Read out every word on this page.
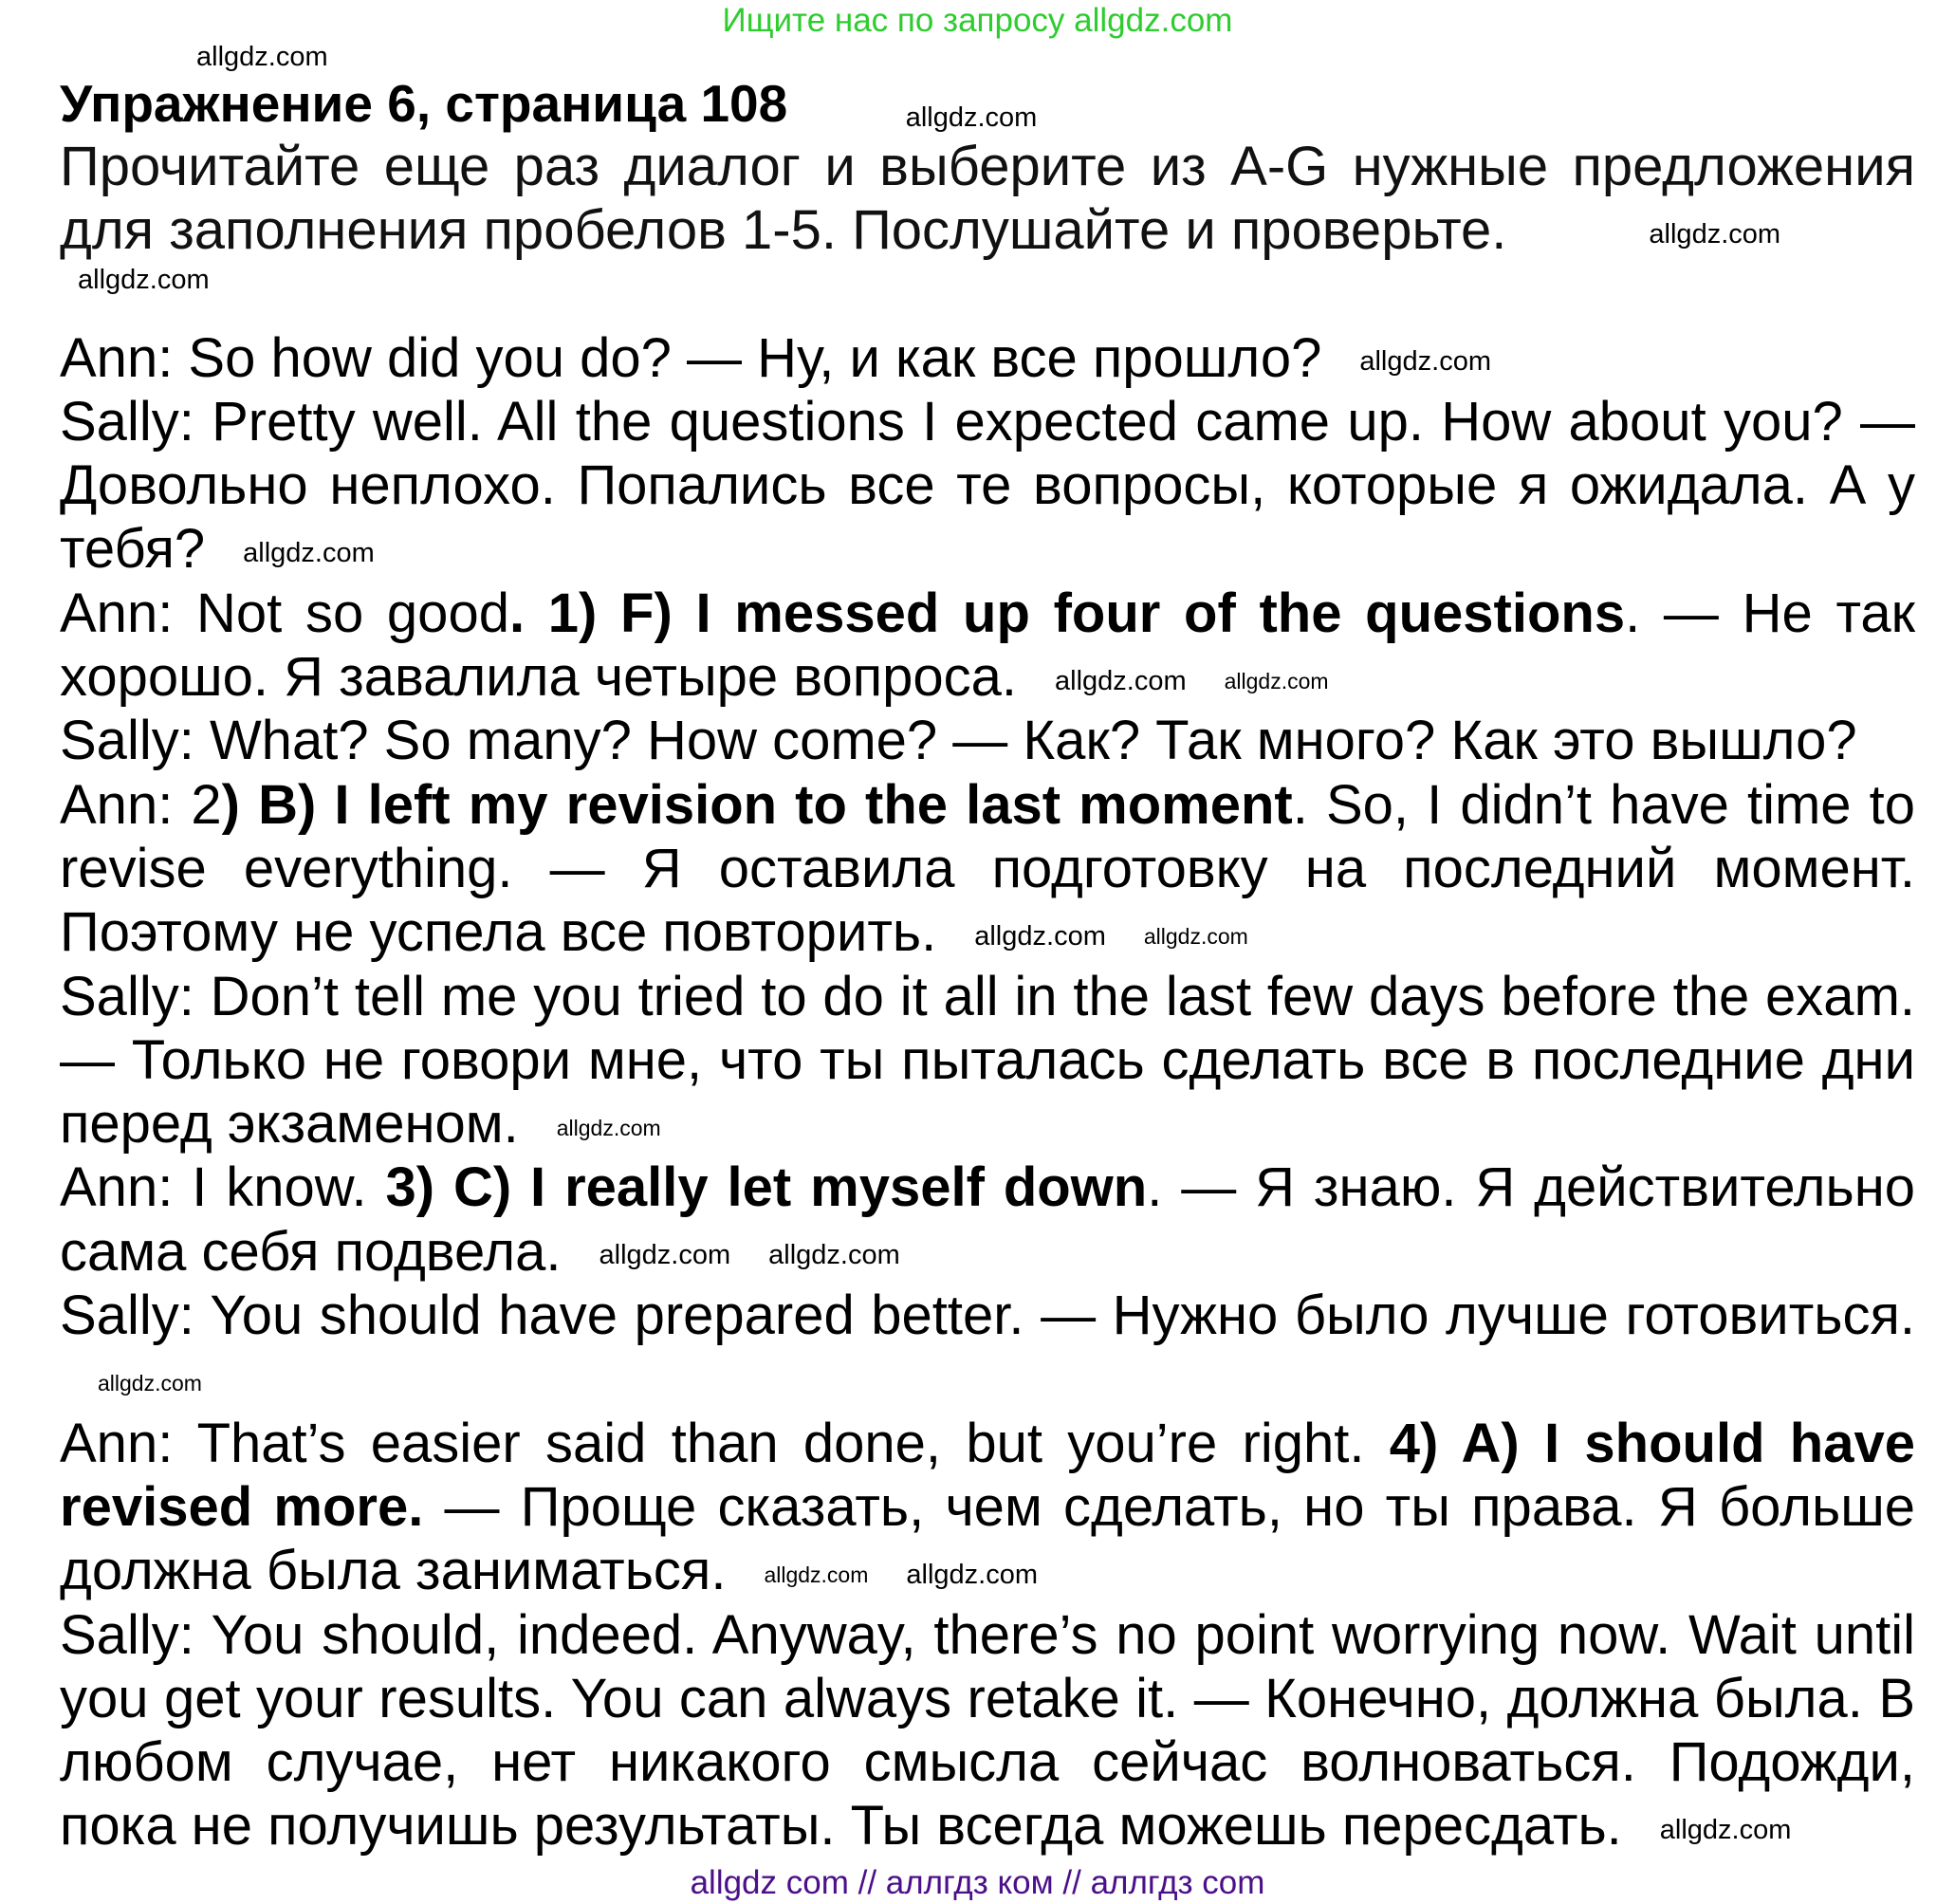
Ищите нас по запросу allgdz.com
allgdz.com
Упражнение 6, страница 108	allgdz.com

Прочитайте еще раз диалог и выберите из A-G нужные предложения для заполнения пробелов 1-5. Послушайте и проверьте.	allgdz.com

allgdz.com

Ann: So how did you do? — Ну, и как все прошло? allgdz.com

Sally: Pretty well. All the questions I expected came up. How about you? — Довольно неплохо. Попались все те вопросы, которые я ожидала. А у тебя? allgdz.com

Ann: Not so good. 1) F) I messed up four of the questions. — Не так хорошо. Я завалила четыре вопроса. allgdz.com allgdz.com

Sally: What? So many? How come? — Как? Так много? Как это вышло?

Ann: 2) B) I left my revision to the last moment. So, I didn’t have time to revise everything. — Я оставила подготовку на последний момент. Поэтому не успела все повторить. allgdz.com allgdz.com

Sally: Don’t tell me you tried to do it all in the last few days before the exam. — Только не говори мне, что ты пыталась сделать все в последние дни перед экзаменом. allgdz.com

Ann: I know. 3) C) I really let myself down. — Я знаю. Я действительно сама себя подвела. allgdz.com allgdz.com

Sally: You should have prepared better. — Нужно было лучше готовиться.allgdz.com

Ann: That’s easier said than done, but you’re right. 4) A) I should have revised more. — Проще сказать, чем сделать, но ты права. Я больше должна была заниматься. allgdz.com allgdz.com

Sally: You should, indeed. Anyway, there’s no point worrying now. Wait until you get your results. You can always retake it. — Конечно, должна была. В любом случае, нет никакого смысла сейчас волноваться. Подожди, пока не получишь результаты. Ты всегда можешь пересдать. allgdz.com

allgdz com // аллгдз ком // аллгдз com
